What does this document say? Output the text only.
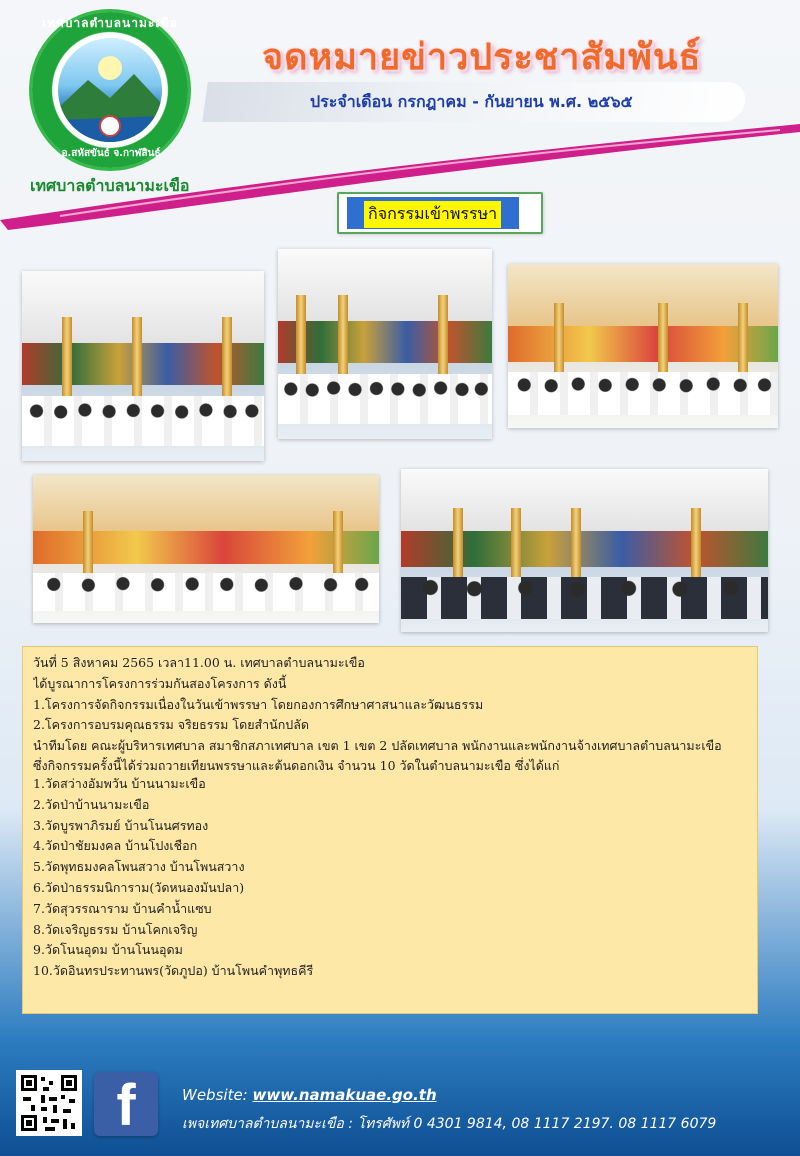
เทศบาลตำบลนามะเขือ
อ.สหัสขันธ์ จ.กาฬสินธุ์
เทศบาลตำบลนามะเขือ
จดหมายข่าวประชาสัมพันธ์
ประจำเดือน กรกฎาคม - กันยายน พ.ศ. ๒๕๖๕
กิจกรรมเข้าพรรษา
วันที่ 5 สิงหาคม 2565 เวลา11.00 น. เทศบาลตำบลนามะเขือ
ได้บูรณาการโครงการร่วมกันสองโครงการ ดังนี้
1.โครงการจัดกิจกรรมเนื่องในวันเข้าพรรษา โดยกองการศึกษาศาสนาและวัฒนธรรม
2.โครงการอบรมคุณธรรม จริยธรรม โดยสำนักปลัด
นำทีมโดย คณะผู้บริหารเทศบาล สมาชิกสภาเทศบาล เขต 1 เขต 2 ปลัดเทศบาล พนักงานและพนักงานจ้างเทศบาลตำบลนามะเขือ
ซึ่งกิจกรรมครั้งนี้ได้ร่วมถวายเทียนพรรษาและต้นดอกเงิน จำนวน 10 วัดในตำบลนามะเขือ ซึ่งได้แก่
1.วัดสว่างอัมพวัน บ้านนามะเขือ
2.วัดป่าบ้านนามะเขือ
3.วัดบูรพาภิรมย์ บ้านโนนศรทอง
4.วัดป่าชัยมงคล บ้านโปงเชือก
5.วัดพุทธมงคลโพนสวาง บ้านโพนสวาง
6.วัดป่าธรรมนิการาม(วัดหนองมันปลา)
7.วัดสุวรรณาราม บ้านคำน้ำแซบ
8.วัดเจริญธรรม บ้านโคกเจริญ
9.วัดโนนอุดม บ้านโนนอุดม
10.วัดอินทรประทานพร(วัดภูปอ) บ้านโพนคำพุทธคีรี
f	Website: www.namakuae.go.th
เพจเทศบาลตำบลนามะเขือ : โทรศัพท์ 0 4301 9814, 08 1117 2197. 08 1117 6079
